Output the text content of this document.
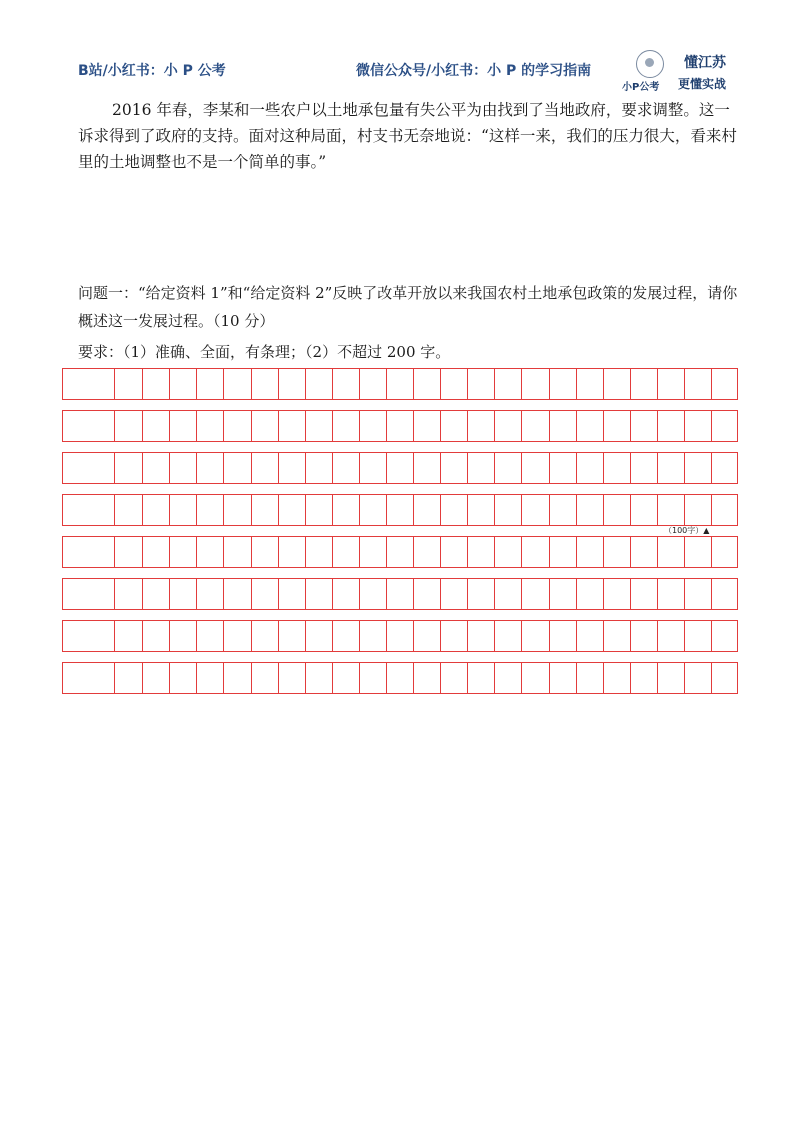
B站/小红书：小 P 公考	微信公众号/小红书：小 P 的学习指南
小P公考
懂江苏
更懂实战
2016 年春，李某和一些农户以土地承包量有失公平为由找到了当地政府，要求调整。这一诉求得到了政府的支持。面对这种局面，村支书无奈地说：“这样一来，我们的压力很大，看来村里的土地调整也不是一个简单的事。”
问题一：“给定资料 1”和“给定资料 2”反映了改革开放以来我国农村土地承包政策的发展过程，请你概述这一发展过程。（10 分）
要求：（1）准确、全面，有条理；（2）不超过 200 字。
（100字）▲
